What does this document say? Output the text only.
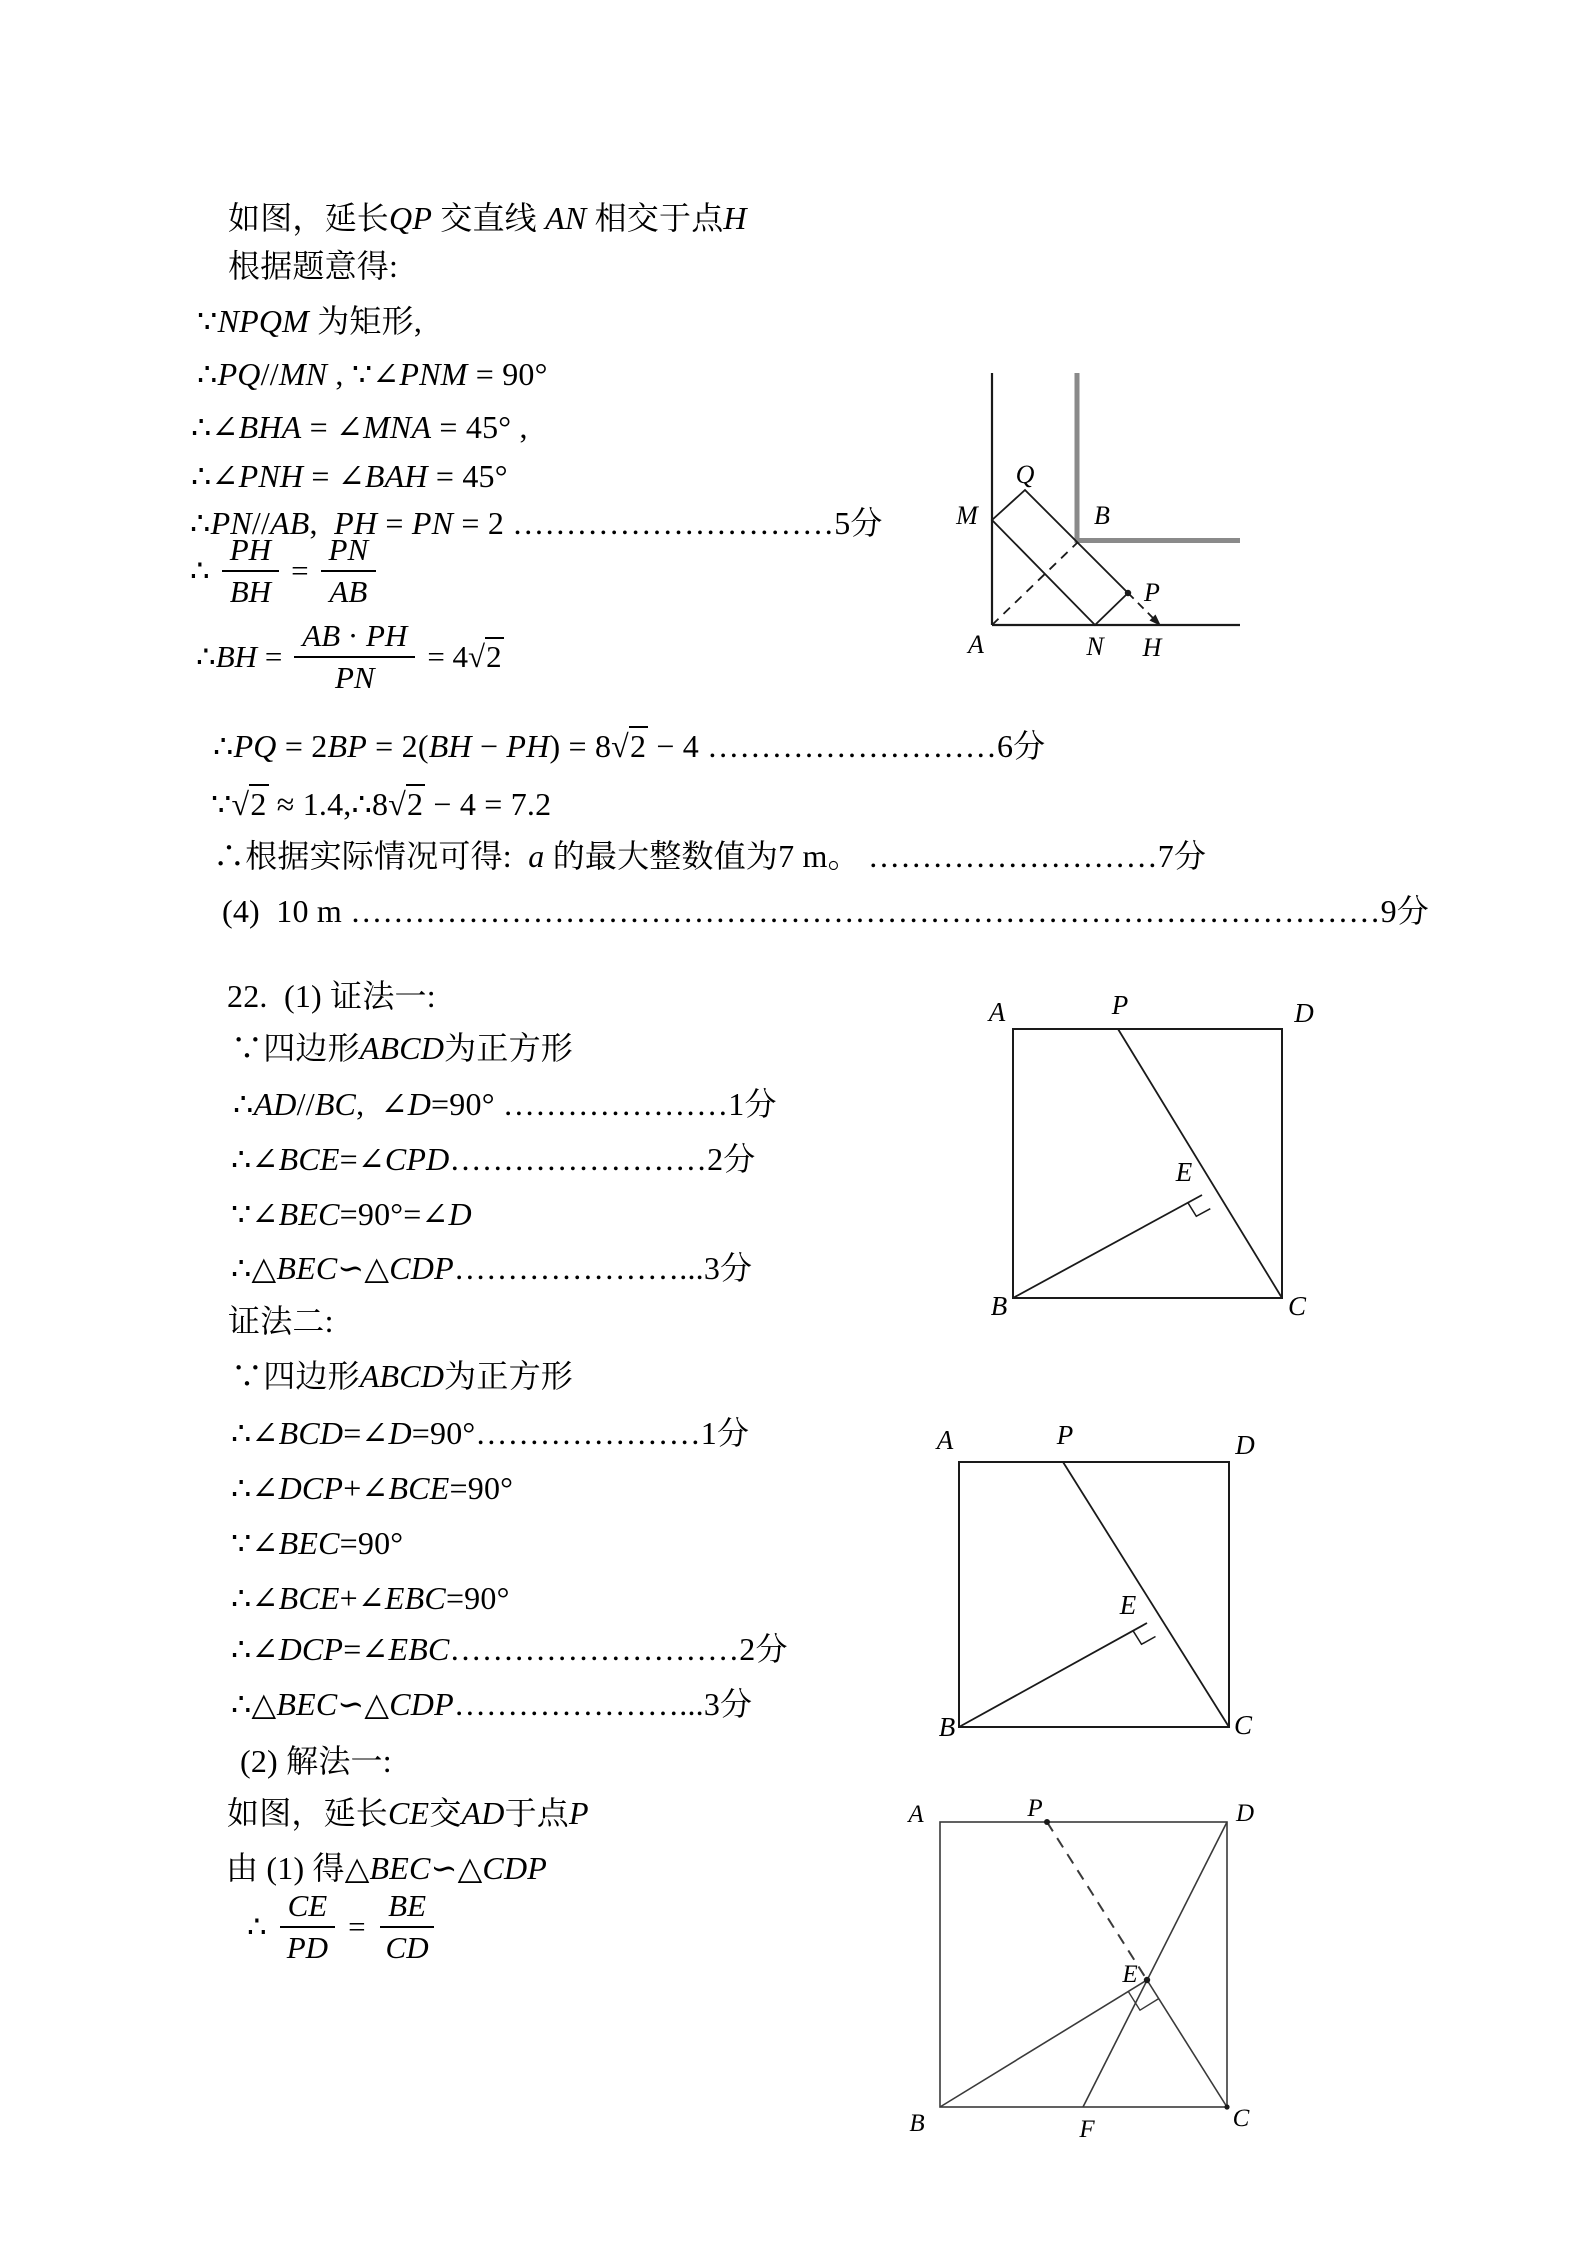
如图，延长QP 交直线 AN 相交于点H
根据题意得:
∵NPQM 为矩形,
∴PQ//MN , ∵∠PNM = 90°
∴∠BHA = ∠MNA = 45° ,
∴∠PNH = ∠BAH = 45°
∴PN//AB,  PH = PN = 2 …………………………5分
∴ $\frac{PH}{BH} = \frac{PN}{AB}$
∴BH = $\frac{AB \cdot PH}{PN} = 4√2$
∴PQ = 2BP = 2(BH − PH) = 8√2 − 4 ………………………6分
∵√2 ≈ 1.4,∴8√2 − 4 = 7.2
∴根据实际情况可得:  a 的最大整数值为7 m。 ………………………7分
(4)  10 m ……………………………………………………………………………………9分
22.  (1) 证法一:
∵四边形ABCD为正方形
∴AD//BC,  ∠D=90° …………………1分
∴∠BCE=∠CPD……………………2分
∵∠BEC=90°=∠D
∴△BEC∽△CDP…………………...3分
证法二:
∵四边形ABCD为正方形
∴∠BCD=∠D=90°…………………1分
∴∠DCP+∠BCE=90°
∵∠BEC=90°
∴∠BCE+∠EBC=90°
∴∠DCP=∠EBC………………………2分
∴△BEC∽△CDP…………………...3分
(2) 解法一:
如图，延长CE交AD于点P
由 (1) 得△BEC∽△CDP
∴ $\frac{CE}{PD} = \frac{BE}{CD}$
Q
M	B
P
A	N H
A	P	D
E
B	C
A	P	D
E
B	C
A	P	D
E
B	C
F
